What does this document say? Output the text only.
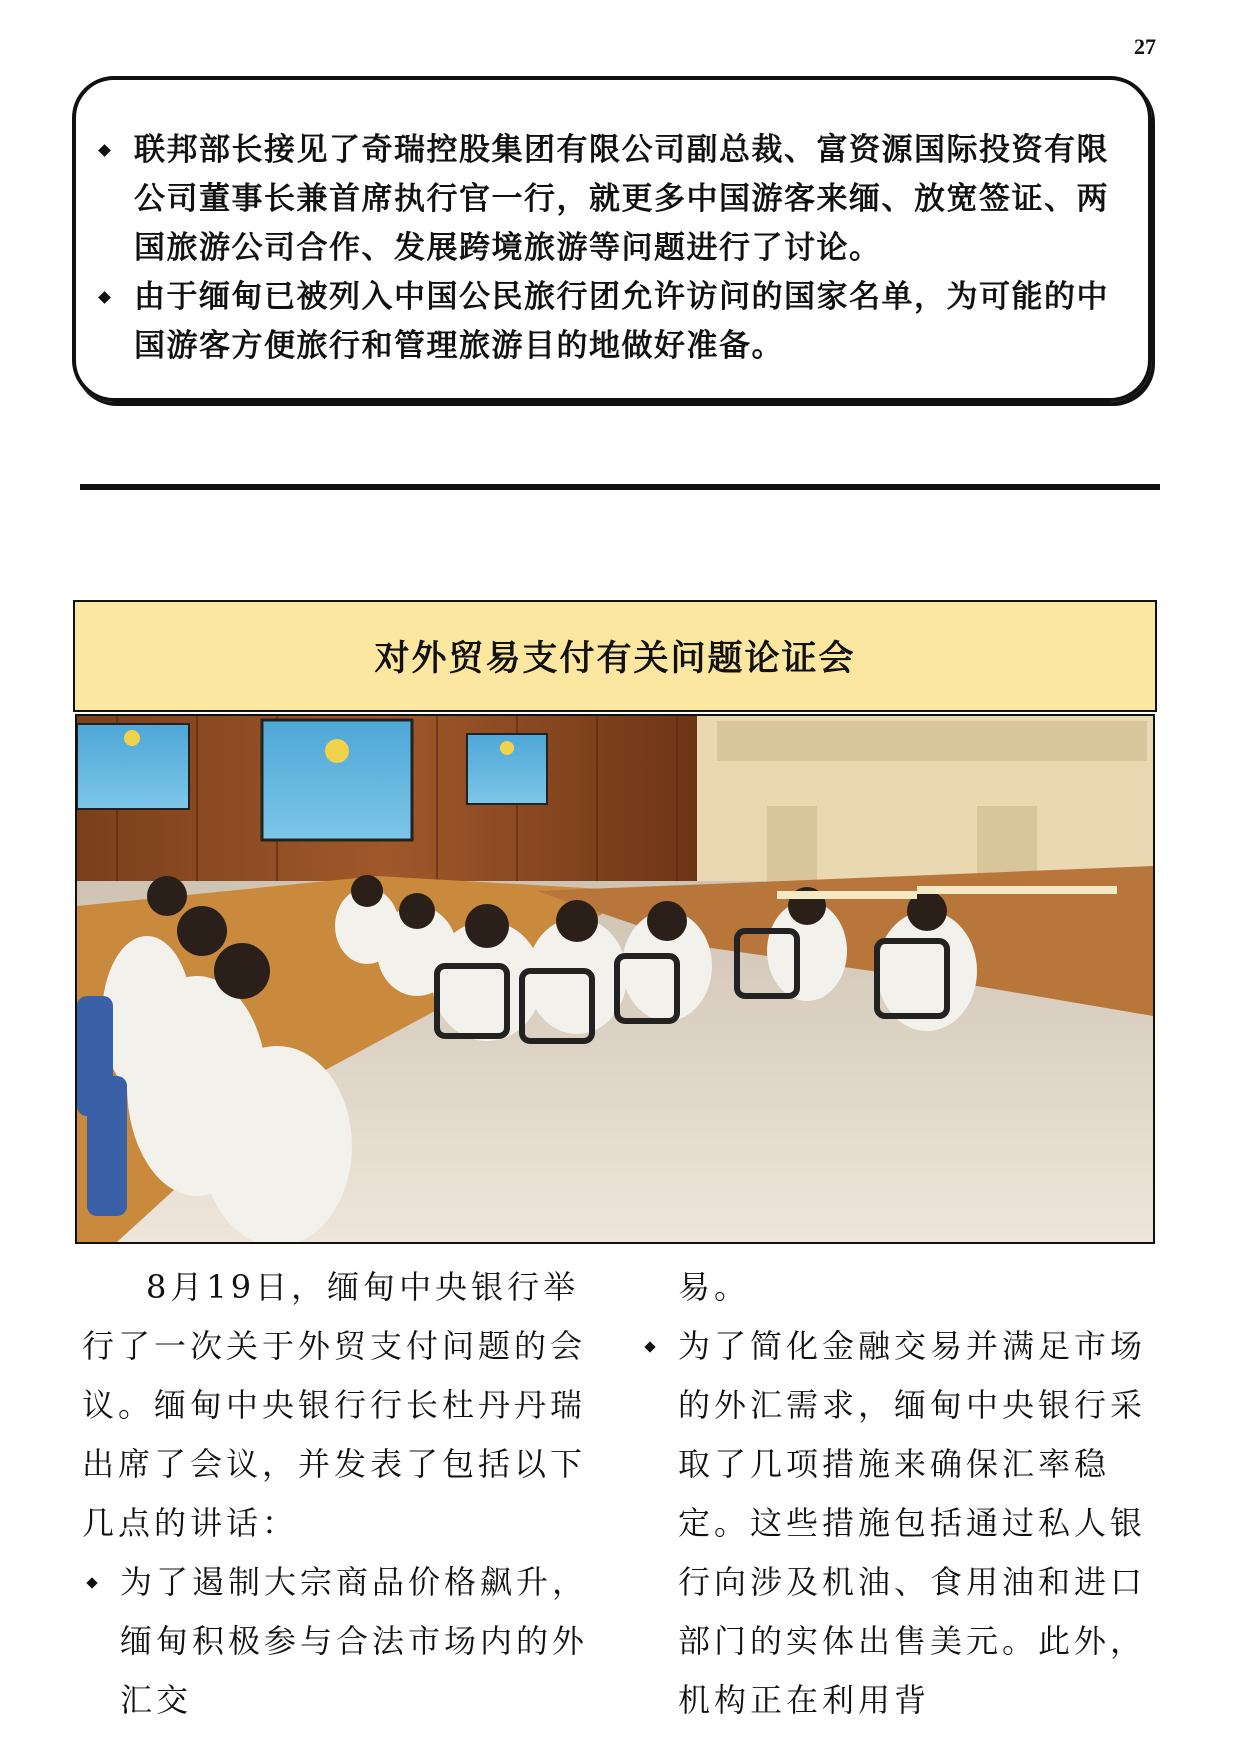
27
联邦部长接见了奇瑞控股集团有限公司副总裁、富资源国际投资有限公司董事长兼首席执行官一行，就更多中国游客来缅、放宽签证、两国旅游公司合作、发展跨境旅游等问题进行了讨论。
由于缅甸已被列入中国公民旅行团允许访问的国家名单，为可能的中国游客方便旅行和管理旅游目的地做好准备。
对外贸易支付有关问题论证会

8月19日，缅甸中央银行举行了一次关于外贸支付问题的会议。缅甸中央银行行长杜丹丹瑞出席了会议，并发表了包括以下几点的讲话：

为了遏制大宗商品价格飙升，缅甸积极参与合法市场内的外汇交

易。

为了简化金融交易并满足市场的外汇需求，缅甸中央银行采取了几项措施来确保汇率稳定。这些措施包括通过私人银行向涉及机油、食用油和进口部门的实体出售美元。此外，机构正在利用背
